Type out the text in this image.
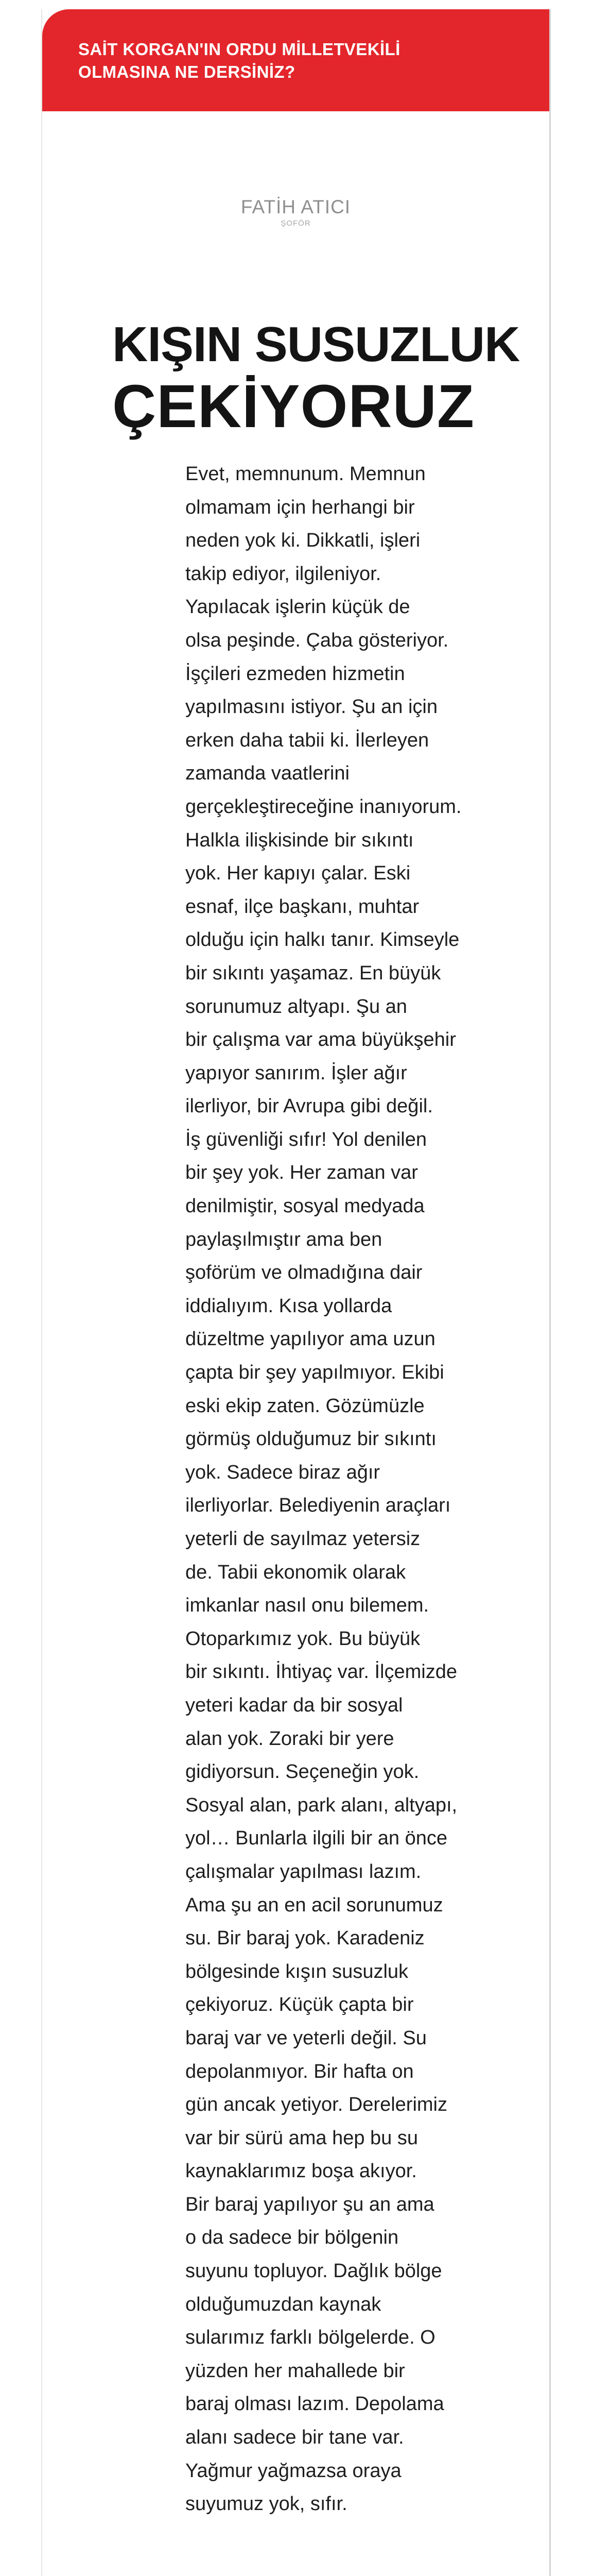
SAİT KORGAN'IN ORDU MİLLETVEKİLİ OLMASINA NE DERSİNİZ?
FATİH ATICI
ŞOFÖR
KIŞIN SUSUZLUK
ÇEKİYORUZ
Evet, memnunum. Memnun
olmamam için herhangi bir
neden yok ki. Dikkatli, işleri
takip ediyor, ilgileniyor.
Yapılacak işlerin küçük de
olsa peşinde. Çaba gösteriyor.
İşçileri ezmeden hizmetin
yapılmasını istiyor. Şu an için
erken daha tabii ki. İlerleyen
zamanda vaatlerini
gerçekleştireceğine inanıyorum.
Halkla ilişkisinde bir sıkıntı
yok. Her kapıyı çalar. Eski
esnaf, ilçe başkanı, muhtar
olduğu için halkı tanır. Kimseyle
bir sıkıntı yaşamaz. En büyük
sorunumuz altyapı. Şu an
bir çalışma var ama büyükşehir
yapıyor sanırım. İşler ağır
ilerliyor, bir Avrupa gibi değil.
İş güvenliği sıfır! Yol denilen
bir şey yok. Her zaman var
denilmiştir, sosyal medyada
paylaşılmıştır ama ben
şoförüm ve olmadığına dair
iddialıyım. Kısa yollarda
düzeltme yapılıyor ama uzun
çapta bir şey yapılmıyor. Ekibi
eski ekip zaten. Gözümüzle
görmüş olduğumuz bir sıkıntı
yok. Sadece biraz ağır
ilerliyorlar. Belediyenin araçları
yeterli de sayılmaz yetersiz
de. Tabii ekonomik olarak
imkanlar nasıl onu bilemem.
Otoparkımız yok. Bu büyük
bir sıkıntı. İhtiyaç var. İlçemizde
yeteri kadar da bir sosyal
alan yok. Zoraki bir yere
gidiyorsun. Seçeneğin yok.
Sosyal alan, park alanı, altyapı,
yol… Bunlarla ilgili bir an önce
çalışmalar yapılması lazım.
Ama şu an en acil sorunumuz
su. Bir baraj yok. Karadeniz
bölgesinde kışın susuzluk
çekiyoruz. Küçük çapta bir
baraj var ve yeterli değil. Su
depolanmıyor. Bir hafta on
gün ancak yetiyor. Derelerimiz
var bir sürü ama hep bu su
kaynaklarımız boşa akıyor.
Bir baraj yapılıyor şu an ama
o da sadece bir bölgenin
suyunu topluyor. Dağlık bölge
olduğumuzdan kaynak
sularımız farklı bölgelerde. O
yüzden her mahallede bir
baraj olması lazım. Depolama
alanı sadece bir tane var.
Yağmur yağmazsa oraya
suyumuz yok, sıfır.
